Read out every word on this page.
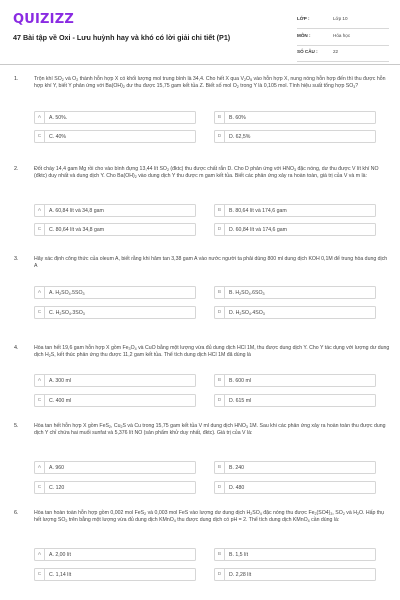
QUIZIZZ
47 Bài tập về Oxi - Lưu huỳnh hay và khó có lời giải chi tiết (P1)
LỚP :	Lớp 10
MÔN :	Hóa học
SỐ CÂU :	22
1.	Trộn khí $SO_2$ và $O_2$ thành hỗn hợp X có khối lượng mol trung bình là 34,4. Cho hết X qua $V_2O_5$ vào hỗn hợp X, nung nóng hỗn hợp đến thì thu được hỗn hợp khí Y, biết Y phản ứng với $Ba(OH)_2$ dư thu được 15,75 gam kết tủa Z. Biết số mol $O_2$ trong Y là 0,105 mol. Tính hiệu suất tổng hợp $SO_3$?
A	A. 50%.	B	B. 60%
C	C. 40%	D	D. 62,5%
2.	Đốt cháy 14,4 gam Mg rồi cho vào bình đựng 13,44 lít $SO_2$ (đktc) thu được chất rắn D. Cho D phản ứng với $HNO_3$ đặc nóng, dư thu được V lít khí NO (đktc) duy nhất và dung dịch Y. Cho $Ba(OH)_2$ vào dung dịch Y thu được m gam kết tủa. Biết các phản ứng xảy ra hoàn toàn, giá trị của V và m là:
A	A. 60,84 lít và 34,8 gam	B	B. 80,64 lít và 174,6 gam
C	C. 80,64 lít và 34,8 gam	D	D. 60,84 lít và 174,6 gam
3.	Hãy xác định công thức của oleum A, biết rằng khi hâm tan 3,38 gam A vào nước người ta phải dùng 800 ml dung dịch KOH 0,1M để trung hòa dung dịch A
A	A. $H_2SO_4.5SO_3$	B	B. $H_2SO_4.6SO_3$
C	C. $H_2SO_4.3SO_3$	D	D. $H_2SO_4.4SO_3$
4.	Hòa tan hết 19,6 gam hỗn hợp X gồm $Fe_3O_4$ và CuO bằng một lượng vừa đủ dung dịch HCl 1M, thu được dung dịch Y. Cho Y tác dụng với lượng dư dung dịch $H_2S$, kết thúc phản ứng thu được 11,2 gam kết tủa. Thể tích dung dịch HCl 1M đã dùng là
A	A. 300 ml	B	B. 600 ml
C	C. 400 ml	D	D. 615 ml
5.	Hòa tan hết hỗn hợp X gồm FeS$_2$, $Cu_2S$ và Cu trong 15,75 gam kết tủa V ml dung dịch $HNO_3$ 1M. Sau khi các phản ứng xảy ra hoàn toàn thu được dung dịch Y chỉ chứa hai muối sunfat và 5,376 lít NO (sản phẩm khử duy nhất, đktc). Giá trị của V là:
A	A. 960	B	B. 240
C	C. 120	D	D. 480
6.	Hòa tan hoàn toàn hỗn hợp gồm 0,002 mol FeS$_2$ và 0,003 mol FeS vào lượng dư dung dịch $H_2SO_4$ đặc nóng thu được $Fe_2(SO4)_3$, $SO_2$ và $H_2O$. Hấp thụ hết lượng $SO_2$ trên bằng một lượng vừa đủ dung dịch KMnO$_4$ thu được dung dịch có pH = 2. Thể tích dung dịch KMnO$_4$ cần dùng là:
A	A. 2,00 lít	B	B. 1,5 lít
C	C. 1,14 lít	D	D. 2,28 lít
